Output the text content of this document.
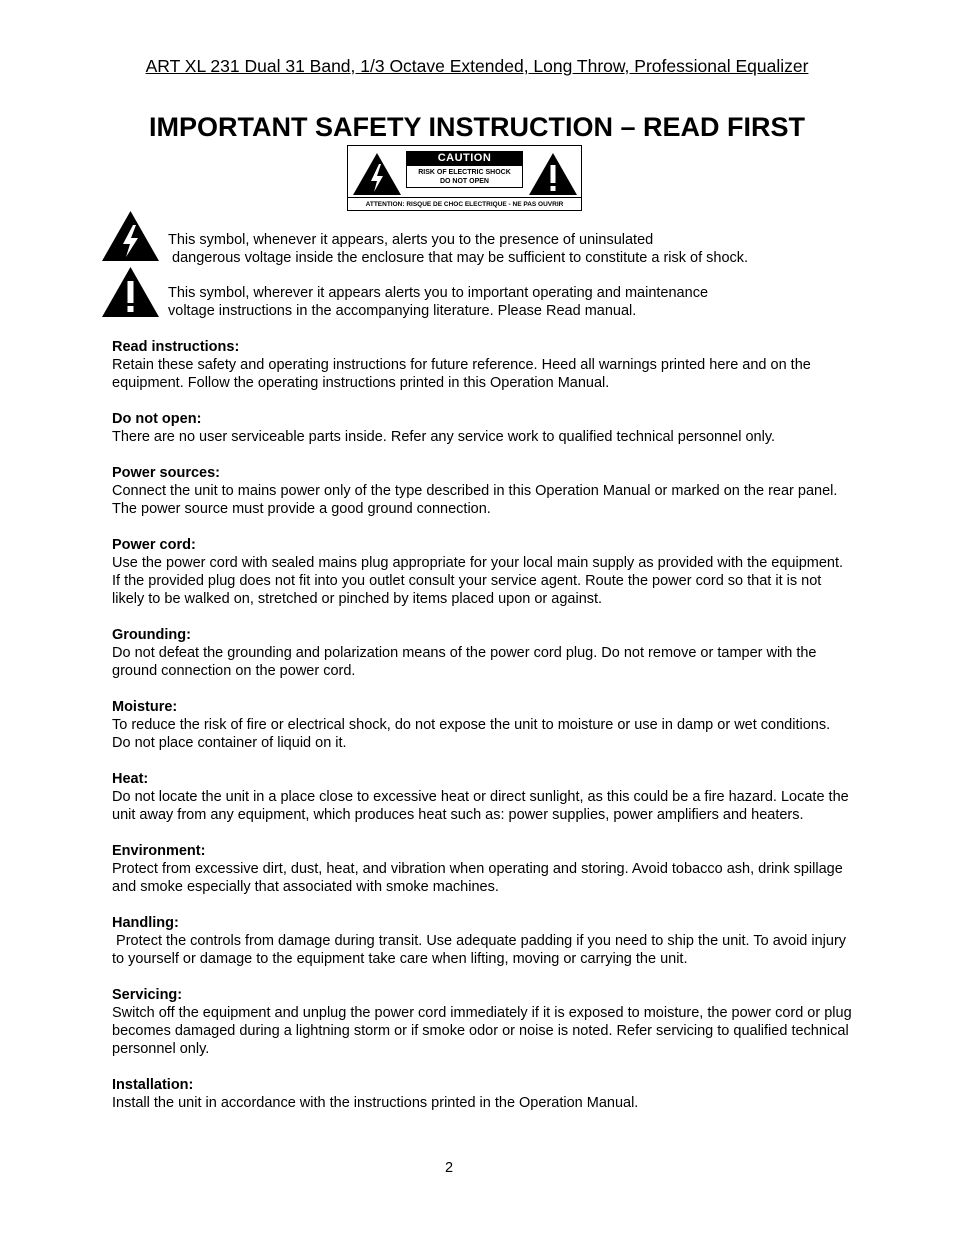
ART XL 231 Dual 31 Band, 1/3 Octave Extended, Long Throw, Professional Equalizer
IMPORTANT SAFETY INSTRUCTION – READ FIRST
CAUTION
RISK OF ELECTRIC SHOCK
DO NOT OPEN
ATTENTION: RISQUE DE CHOC ELECTRIQUE - NE PAS OUVRIR
This symbol, whenever it appears, alerts you to the presence of uninsulated
dangerous voltage inside the enclosure that may be sufficient to constitute a risk of shock.
This symbol, wherever it appears alerts you to important operating and maintenance
voltage instructions in the accompanying literature. Please Read manual.
Read instructions:
Retain these safety and operating instructions for future reference. Heed all warnings printed here and on the equipment. Follow the operating instructions printed in this Operation Manual.
Do not open:
There are no user serviceable parts inside. Refer any service work to qualified technical personnel only.
Power sources:
Connect the unit to mains power only of the type described in this Operation Manual or marked on the rear panel. The power source must provide a good ground connection.
Power cord:
Use the power cord with sealed mains plug appropriate for your local main supply as provided with the equipment. If the provided plug does not fit into you outlet consult your service agent. Route the power cord so that it is not likely to be walked on, stretched or pinched by items placed upon or against.
Grounding:
Do not defeat the grounding and polarization means of the power cord plug. Do not remove or tamper with the ground connection on the power cord.
Moisture:
To reduce the risk of fire or electrical shock, do not expose the unit to moisture or use in damp or wet conditions. Do not place container of liquid on it.
Heat:
Do not locate the unit in a place close to excessive heat or direct sunlight, as this could be a fire hazard. Locate the unit away from any equipment, which produces heat such as: power supplies, power amplifiers and heaters.
Environment:
Protect from excessive dirt, dust, heat, and vibration when operating and storing. Avoid tobacco ash, drink spillage and smoke especially that associated with smoke machines.
Handling:
Protect the controls from damage during transit. Use adequate padding if you need to ship the unit. To avoid injury to yourself or damage to the equipment take care when lifting, moving or carrying the unit.
Servicing:
Switch off the equipment and unplug the power cord immediately if it is exposed to moisture, the power cord or plug becomes damaged during a lightning storm or if smoke odor or noise is noted. Refer servicing to qualified technical personnel only.
Installation:
Install the unit in accordance with the instructions printed in the Operation Manual.
2
